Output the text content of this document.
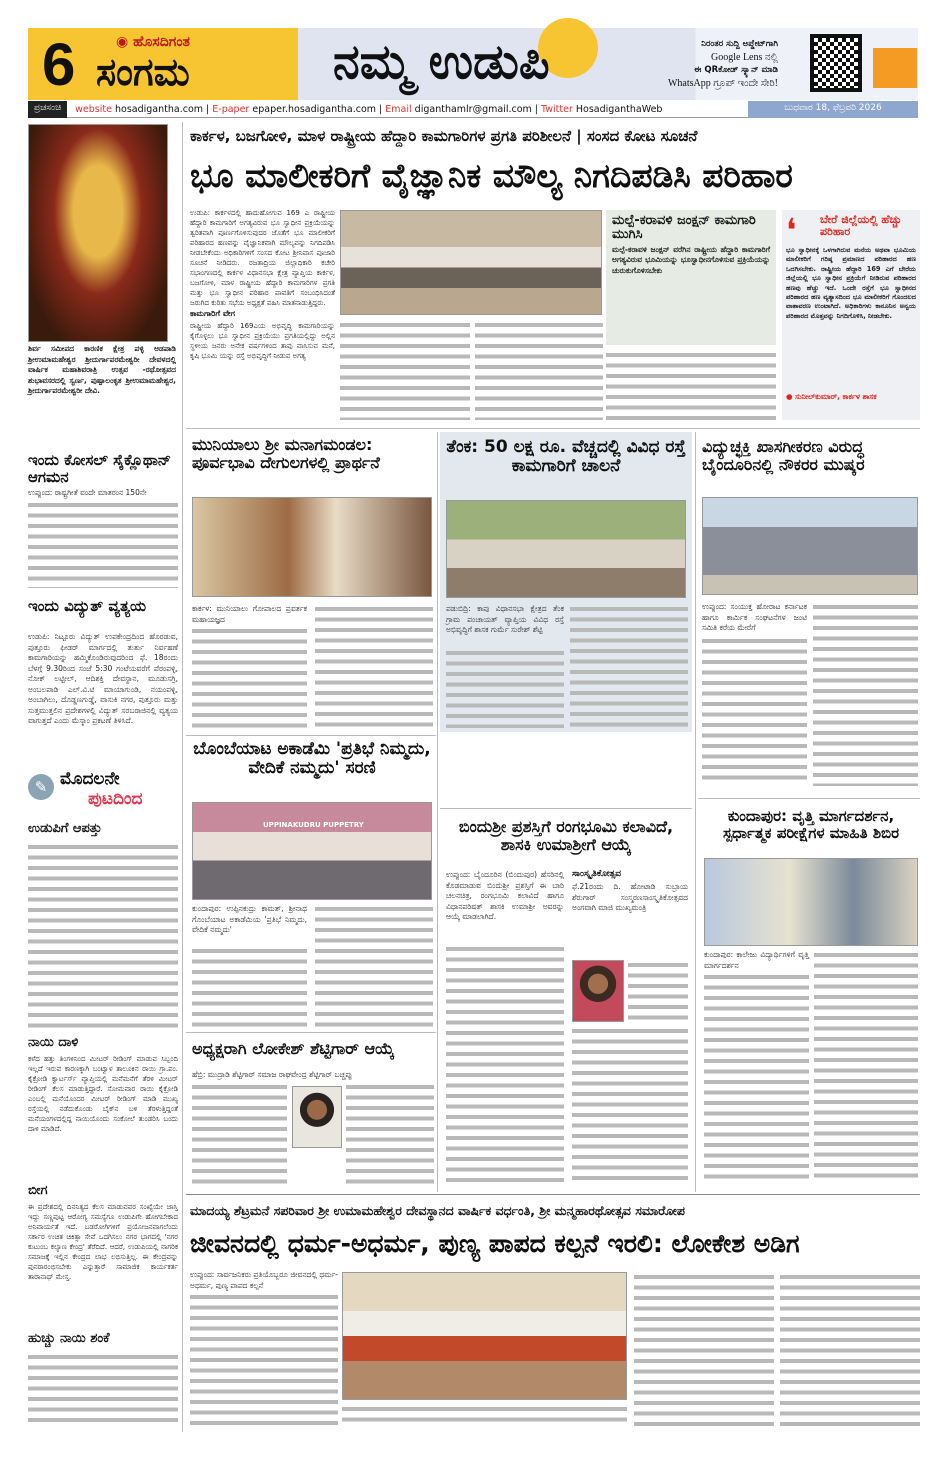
6	◉ ಹೊಸದಿಗಂತ
ಸಂಗಮ	ನಮ್ಮ ಉಡುಪಿ	ನಿರಂತರ ಸುದ್ದಿ ಅಪ್ಡೇಟ್‌ಗಾಗಿ
Google Lens ನಲ್ಲಿ
ಈ QRಕೋಡ್ ಸ್ಕ್ಯಾನ್ ಮಾಡಿ
WhatsApp ಗ್ರೂಪ್ ಇಂದೇ ಸೇರಿ!
ಪ್ರಚಸಂಚಿ	website hosadigantha.com | E-paper epaper.hosadigantha.com | Email diganthamlr@gmail.com | Twitter HosadiganthaWeb	ಬುಧವಾರ 18, ಫೆಬ್ರವರಿ 2026
ಶಿರ್ವ ಸಮೀಪದ ಕಾರಣಿಕ ಕ್ಷೇತ್ರ ಪಳ್ಳಿ ಅಡಪಾಡಿ ಶ್ರೀಉಮಾಮಹೇಶ್ವರ ಶ್ರೀದುರ್ಗಾಪರಮೇಶ್ವರೀ ದೇವಳದಲ್ಲಿ ವಾರ್ಷಿಕ ಮಹಾಶಿವರಾತ್ರಿ ಉತ್ಸವ -ರಥೋತ್ಸವದ ಶುಭಾವಸರದಲ್ಲಿ ಸ್ವರ್ಣ, ಪುಷ್ಪಾಲಂಕೃತ ಶ್ರೀಉಮಾಮಹೇಶ್ವರ, ಶ್ರೀದುರ್ಗಾಪರಮೇಶ್ವರೀ ದೇವಿ.
ಇಂದು ಕೋಸಲ್ ಸೈಕ್ಲೊಥಾನ್ ಆಗಮನ
ಉಪ್ಪುಂದ: ರಾಷ್ಟ್ರಗೀತೆ ವಂದೇ ಮಾತರಂನ 150ನೇ
ಇಂದು ವಿದ್ಯುತ್ ವ್ಯತ್ಯಯ
ಉಡುಪಿ: ನಿಟ್ಟೂರು ವಿದ್ಯುತ್ ಉಪಕೇಂದ್ರದಿಂದ ಹೊರಡುವ, ಪುತ್ತೂರು ಫೀಡರ್ ಮಾರ್ಗದಲ್ಲಿ ತುರ್ತು ನಿರ್ವಹಣೆ ಕಾಮಗಾರಿಯನ್ನು ಹಮ್ಮಿಕೊಂಡಿರುವುದರಿಂದ ಫೆ. 18ರಂದು ಬೆಳಗ್ಗೆ 9.30ರಿಂದ ಸಂಜೆ 5:30 ಗಂಟೆಯವರೆಗೆ ಪೆರಂಪಳ್ಳಿ, ನೋಕ್ ಲಟ್ಟೀಲ್, ಆದಿಶಕ್ತಿ ದೇವಸ್ಥಾನ, ಮೂಡುಸಗ್ರಿ, ಅಂಬಲಪಾಡಿ ಎಲ್.ವಿ.ಟಿ ಮಾಯಾಗುಂಡಿ, ನಯಂಪಳ್ಳಿ, ಅಂಬಾಗಿಲು, ದೊಡ್ಡಣಗುಡ್ಡೆ, ವಾಸುಕಿ ನಗರ, ಪುತ್ತೂರು ಮತ್ತು ಸುತ್ತಮುತ್ತಲಿನ ಪ್ರದೇಶಗಳಲ್ಲಿ ವಿದ್ಯುತ್ ಸರಬರಾಜಿನಲ್ಲಿ ವ್ಯತ್ಯಯ ವಾಗುತ್ತದೆ ಎಂದು ಮೆಸ್ಕಾಂ ಪ್ರಕಟಣೆ ತಿಳಿಸಿದೆ.
✎ ಮೊದಲನೇ
ಪುಟದಿಂದ
ಉಡುಪಿಗೆ ಆಪತ್ತು
ನಾಯಿ ದಾಳಿ
ಕಳೆದ ಹತ್ತು ತಿಂಗಳಿನಿಂದ ಮೀಟರ್ ರೀಡಿಂಗ್ ಮಾಡುವ ಸಿಬ್ಬಂದಿ ಇಲ್ಲದೆ ಇರುವ ಕಾರಣಕ್ಕಾಗಿ ಬಂಟ್ವಾಳ ತಾಲೂಕಿನ ರಾಯಿ ಗ್ರಾ.ಪಂ. ಕೈಕ್ರೋಡಿ ಕ್ವಾರ್ಟರ್ಸ್ ವ್ಯಾಪ್ತಿಯಲ್ಲಿ ಮನೆಮನೆಗೆ ತೆರಳಿ ಮೀಟರ್ ರೀಡಿಂಗ್ ಕೆಲಸ ಮಾಡುತ್ತಿದ್ದಾರೆ. ಸೋಮವಾರ ರಾಯಿ ಕೈಕ್ರೋಡಿ ಎಂಬಲ್ಲಿ ಮನೆಯೊಂದರ ಮೀಟರ್ ರೀಡಿಂಗ್ ಮಾಡಿ ಮುಖ್ಯ ರಸ್ತೆಯಲ್ಲಿ ನಡೆದುಕೊಂಡು ಬೈಕ್‌ನ ಬಳಿ ತೆರಳುತ್ತಿದ್ದಂತೆ ಮನೆಯಂಗಳದಲ್ಲಿದ್ದ ನಾಯಿಯೊಂದು ಸಂಕೋಲೆ ತುಂಡರಿಸಿ ಬಂದು ದಾಳಿ ಮಾಡಿದೆ.
ಬೀಗ
ಈ ಪ್ರದೇಶದಲ್ಲಿ ದಿನನಿತ್ಯದ ಕೆಲಸ ಮಾಡುವವರ ಸಂಖ್ಯೆಯೇ ಜಾಸ್ತಿ ಇದ್ದು ಸಣ್ಣಪುಟ್ಟ ಆರೋಗ್ಯ ಸಮಸ್ಯೆಗೂ ಉಡುಪಿಗೇ ಹೋಗಬೇಕಾದ ಅನಿವಾರ್ಯತೆ ಇದೆ. ಬಡರೋಗಿಗಳಿಗೆ ಪ್ರಯೋಜನವಾಗಲೆಂದು ಸರ್ಕಾರ ಉಚಿತ ಚಿಕಿತ್ಸಾ ಸೇವೆ ಒದಗಿಸಲು ನಗರ ಭಾಗದಲ್ಲಿ 'ನಗರ ಕುಟುಂಬ ಕಲ್ಯಾಣ ಕೇಂದ್ರ' ತೆರೆದಿದೆ. ಆದರೆ, ಉಡುಪಿಯಲ್ಲಿ ನಾಗರಿಕ ಸಮಾಜಕ್ಕೆ ಇಲ್ಲಿನ ಕೇಂದ್ರದ ಲಾಭ ಲಭಿಸುತ್ತಿಲ್ಲ. ಈ ಕೇಂದ್ರವನ್ನು ಪುನರಾರಂಭಿಸಬೇಕು ಎನ್ನುತ್ತಾರೆ ಸಾಮಾಜಿಕ ಕಾರ್ಯಕರ್ತ ತಾರಾನಾಥ್ ಮೇಸ್ತ.
ಹುಚ್ಚು ನಾಯಿ ಶಂಕೆ
ಕಾರ್ಕಳ, ಬಜಗೋಳಿ, ಮಾಳ ರಾಷ್ಟ್ರೀಯ ಹೆದ್ದಾರಿ ಕಾಮಗಾರಿಗಳ ಪ್ರಗತಿ ಪರಿಶೀಲನೆ | ಸಂಸದ ಕೋಟ ಸೂಚನೆ
ಭೂ ಮಾಲೀಕರಿಗೆ ವೈಜ್ಞಾನಿಕ ಮೌಲ್ಯ ನಿಗದಿಪಡಿಸಿ ಪರಿಹಾರ
ಉಡುಪಿ: ಕಾರ್ಕಳದಲ್ಲಿ ಹಾದುಹೋಗುವ 169 ಎ ರಾಷ್ಟ್ರೀಯ ಹೆದ್ದಾರಿ ಕಾಮಗಾರಿಗೆ ಅಗತ್ಯವಿರುವ ಭೂ ಸ್ವಾಧೀನ ಪ್ರಕ್ರಿಯೆಯನ್ನು ತ್ವರಿತವಾಗಿ ಪೂರ್ಣಗೊಳಿಸುವುದರ ಜೊತೆಗೆ ಭೂ ಮಾಲೀಕರಿಗೆ ಪರಿಹಾರದ ಹಣವನ್ನು ವೈಜ್ಞಾನಿಕವಾಗಿ ಮೌಲ್ಯವನ್ನು ನಿಗದಿಪಡಿಸಿ ನೀಡಬೇಕೆಂದು ಅಧಿಕಾರಿಗಳಿಗೆ ಸಂಸದ ಕೋಟ ಶ್ರೀನಿವಾಸ ಪೂಜಾರಿ ಸೂಚನೆ ನೀಡಿದರು. ರಜತಾದ್ರಿಯ ಜಿಲ್ಲಾಧಿಕಾರಿ ಕಚೇರಿ ಸಭಾಂಗಣದಲ್ಲಿ ಕಾರ್ಕಳ ವಿಧಾನಸಭಾ ಕ್ಷೇತ್ರ ವ್ಯಾಪ್ತಿಯ ಕಾರ್ಕಳ, ಬಜಗೋಳಿ, ಮಾಳ ರಾಷ್ಟ್ರೀಯ ಹೆದ್ದಾರಿ ಕಾಮಗಾರಿಗಳ ಪ್ರಗತಿ ಮತ್ತು ಭೂ ಸ್ವಾಧೀನ ಪರಿಹಾರ ಪಾವತಿಗೆ ಸಂಬಂಧಿಸಿದಂತೆ ಜರುಗಿದ ಕುರಿತು ಸಭೆಯ ಅಧ್ಯಕ್ಷತೆ ವಹಿಸಿ ಮಾತನಾಡುತ್ತಿದ್ದರು.
ಕಾಮಗಾರಿಗೆ ವೇಗ
ರಾಷ್ಟ್ರೀಯ ಹೆದ್ದಾರಿ 169ಎಯ ಅಭಿವೃದ್ಧಿ ಕಾಮಗಾರಿಯನ್ನು ಕೈಗೊಳ್ಳಲು ಭೂ ಸ್ವಾಧೀನ ಪ್ರಕ್ರಿಯೆಯು ಪ್ರಗತಿಯಲ್ಲಿದ್ದು ಅಲ್ಲಿನ ಸ್ಥಳೀಯ ಜನರು ಅನೇಕ ವರ್ಷಗಳಿಂದ ತಾವು ವಾಸಿಸುವ ಮನೆ, ಕೃಷಿ ಭೂಮಿ ಯನ್ನು ರಸ್ತೆ ಅಭಿವೃದ್ಧಿಗೆ ನೀಡುವ ಅಗತ್ಯ
ಮಲ್ಪೆ-ಕರಾವಳಿ ಜಂಕ್ಷನ್ ಕಾಮಗಾರಿ ಮುಗಿಸಿ
ಮಲ್ಪೆ-ಕರಾವಳಿ ಜಂಕ್ಷನ್ ವರೆಗಿನ ರಾಷ್ಟ್ರೀಯ ಹೆದ್ದಾರಿ ಕಾಮಗಾರಿಗೆ ಅಗತ್ಯವಿರುವ ಭೂಮಿಯನ್ನು ಭೂಸ್ವಾಧೀನಗೊಳಿಸುವ ಪ್ರಕ್ರಿಯೆಯನ್ನು ಚುರುಕುಗೊಳಿಸಬೇಕು
❛ ಬೇರೆ ಜಿಲ್ಲೆಯಲ್ಲಿ ಹೆಚ್ಚು ಪರಿಹಾರ
ಭೂ ಸ್ವಾಧೀನಕ್ಕೆ ಒಳಗಾಗಿರುವ ಮನೆಯ ಅಥವಾ ಭೂಮಿಯ ಮಾಲೀಕರಿಗೆ ಗರಿಷ್ಠ ಪ್ರಮಾಣದ ಪರಿಹಾರದ ಹಣ ಒದಗಿಸಬೇಕು. ರಾಷ್ಟ್ರೀಯ ಹೆದ್ದಾರಿ 169 ಎಗೆ ಬೇರೆಯ ಜಿಲ್ಲೆಯಲ್ಲಿ ಭೂ ಸ್ವಾಧೀನ ಪ್ರಕ್ರಿಯೆಗೆ ನೀಡಿರುವ ಪರಿಹಾರದ ಹಣವು ಹೆಚ್ಚು ಇದೆ. ಒಂದೇ ರಸ್ತೆಗೆ ಭೂ ಸ್ವಾಧೀನದ ಪರಿಹಾರದ ಹಣ ವ್ಯತ್ಯಾಸದಿಂದ ಭೂ ಮಾಲೀಕರಿಗೆ ಗೊಂದಲದ ವಾತಾವರಣ ಉಂಟಾಗಿದೆ. ಅಧಿಕಾರಿಗಳು ಕಾನೂನಿನ ಅನ್ವಯ ಪರಿಹಾರದ ಮೊತ್ತವನ್ನು ನಿಗದಿಗೊಳಿಸಿ, ನೀಡಬೇಕು.
● ಸುನೀಲ್‌ಕುಮಾರ್, ಕಾರ್ಕಳ ಶಾಸಕ
ಮುನಿಯಾಲು ಶ್ರೀ ಮನಾಗಮಂಡಲ: ಪೂರ್ವಭಾವಿ ದೇಗುಲಗಳಲ್ಲಿ ಪ್ರಾರ್ಥನೆ
ಕಾರ್ಕಳ: ಮುನಿಯಾಲು ಗೋಪಾಲದ ಪ್ರವರ್ತಕ ಮಹಾಯಜ್ಞದ
ತೆಂಕ: 50 ಲಕ್ಷ ರೂ. ವೆಚ್ಚದಲ್ಲಿ ವಿವಿಧ ರಸ್ತೆ ಕಾಮಗಾರಿಗೆ ಚಾಲನೆ
ಪಡುಬಿದ್ರಿ: ಕಾಪು ವಿಧಾನಸಭಾ ಕ್ಷೇತ್ರದ ತೆಂಕ ಗ್ರಾಮ ಪಂಚಾಯತ್ ವ್ಯಾಪ್ತಿಯ ವಿವಿಧ ರಸ್ತೆ ಅಭಿವೃದ್ಧಿಗೆ ಶಾಸಕ ಗುರ್ಮೆ ಸುರೇಶ್ ಶೆಟ್ಟಿ
ವಿದ್ಯುಚ್ಛಕ್ತಿ ಖಾಸಗೀಕರಣ ವಿರುದ್ಧ ಬೈಂದೂರಿನಲ್ಲಿ ನೌಕರರ ಮುಷ್ಕರ
ಉಪ್ಪುಂದ: ಸಂಯುಕ್ತ ಹೋರಾಟ ಕರ್ನಾಟಕ ಹಾಗೂ ಕಾರ್ಮಿಕ ಸಂಘಟನೆಗಳ ಜಂಟಿ ಸಮಿತಿ ಕರೆಯ ಮೇರೆಗೆ
ಬೊಂಬೆಯಾಟ ಅಕಾಡೆಮಿ 'ಪ್ರತಿಭೆ ನಿಮ್ಮದು, ವೇದಿಕೆ ನಮ್ಮದು' ಸರಣಿ
UPPINAKUDRU PUPPETRY
ಕುಂದಾಪುರ: ಉಪ್ಪಿನಕುದ್ರು ಕಾಮತ್, ಶ್ರೀನಾಥ ಗೊಂಬೆಯಾಟ ಅಕಾಡೆಮಿಯ 'ಪ್ರತಿಭೆ ನಿಮ್ಮದು, ವೇದಿಕೆ ನಮ್ಮದು'
ಬಿಂದುಶ್ರೀ ಪ್ರಶಸ್ತಿಗೆ ರಂಗಭೂಮಿ ಕಲಾವಿದೆ, ಶಾಸಕಿ ಉಮಾಶ್ರೀಗೆ ಆಯ್ಕೆ
ಉಪ್ಪುಂದ: ಬೈಂದೂರಿನ (ಬಿಂದುಪುರ) ಹೆಸರಿನಲ್ಲಿ ಕೊಡಮಾಡುವ ಬಿಂದುಶ್ರೀ ಪ್ರಶಸ್ತಿಗೆ ಈ ಬಾರಿ ಚಲನಚಿತ್ರ, ರಂಗಭೂಮಿ ಕಲಾವಿದೆ ಹಾಗೂ ವಿಧಾನಪರಿಷತ್ ಶಾಸಕಿ ಉಮಾಶ್ರೀ ಅವರನ್ನು ಆಯ್ಕೆ ಮಾಡಲಾಗಿದೆ.
ಸಾಂಸ್ಕೃತಿಕೋತ್ಸವ
ಫೆ.21ರಂದು ದಿ. ಹೋಟಾಡಿ ಸುಬ್ರಾಯ ಶೆರುಗಾರ್ ಸಂಸ್ಮರಣಸಾಂಸ್ಕೃತಿಕೋತ್ಸವದ ಅಂಗವಾಗಿ ಮಾಜಿ ಮುಖ್ಯಮಂತ್ರಿ
ಕುಂದಾಪುರ: ವೃತ್ತಿ ಮಾರ್ಗದರ್ಶನ, ಸ್ಪರ್ಧಾತ್ಮಕ ಪರೀಕ್ಷೆಗಳ ಮಾಹಿತಿ ಶಿಬಿರ
ಕುಂದಾಪುರ: ಕಾಲೇಜು ವಿದ್ಯಾರ್ಥಿಗಳಿಗೆ ವೃತ್ತಿ ಮಾರ್ಗದರ್ಶನ
ಅಧ್ಯಕ್ಷರಾಗಿ ಲೋಕೇಶ್ ಶೆಟ್ಟಿಗಾರ್ ಆಯ್ಕೆ
ಹೆಬ್ರಿ: ಮುದ್ರಾಡಿ ಶೆಟ್ಟಿಗಾರ್ ಸಮಾಜ ರಾಘವೇಂದ್ರ ಶೆಟ್ಟಿಗಾರ್ ಬಚ್ಚಪ್ಪು
ಮಾದಯ್ಯ ಶೆಟ್ರಮನೆ ಸಪರಿವಾರ ಶ್ರೀ ಉಮಾಮಹೇಶ್ವರ ದೇವಸ್ಥಾನದ ವಾರ್ಷಿಕ ವರ್ಧಂತಿ, ಶ್ರೀ ಮನ್ಮಹಾರಥೋತ್ಸವ ಸಮಾರೋಪ
ಜೀವನದಲ್ಲಿ ಧರ್ಮ-ಅಧರ್ಮ, ಪುಣ್ಯ ಪಾಪದ ಕಲ್ಪನೆ ಇರಲಿ: ಲೋಕೇಶ ಅಡಿಗ
ಉಪ್ಪುಂದ: ಸಾರ್ವಜನಿಕರು ಪ್ರತಿಯೊಬ್ಬರೂ ಜೀವನದಲ್ಲಿ ಧರ್ಮ-ಅಧರ್ಮ, ಪುಣ್ಯ ಪಾಪದ ಕಲ್ಪನೆ
